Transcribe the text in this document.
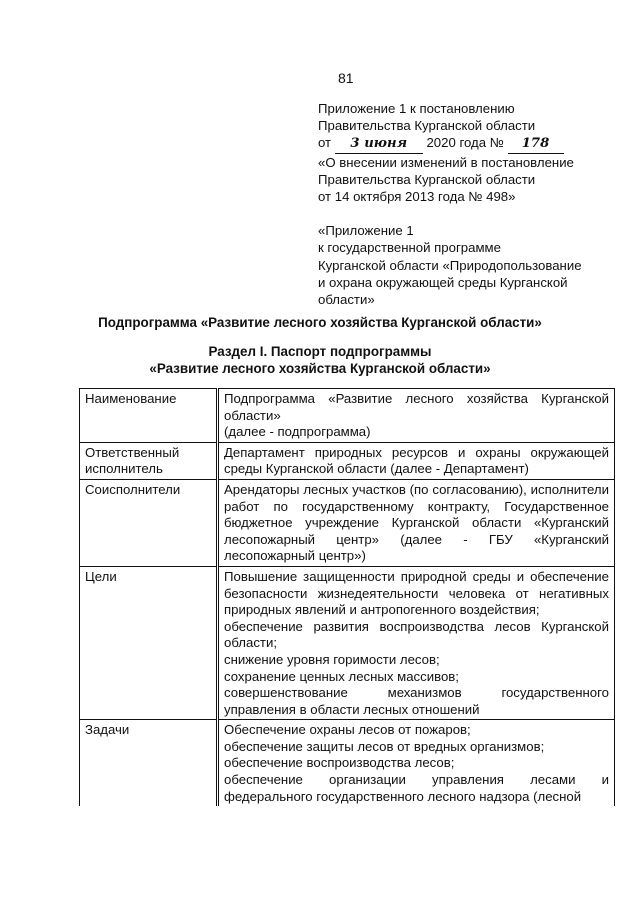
81
Приложение 1 к постановлению
Правительства Курганской области
от 3 июня 2020 года № 178
«О внесении изменений в постановление
Правительства Курганской области
от 14 октября 2013 года № 498»
«Приложение 1
к государственной программе
Курганской области «Природопользование
и охрана окружающей среды Курганской
области»
Подпрограмма «Развитие лесного хозяйства Курганской области»
Раздел I. Паспорт подпрограммы
«Развитие лесного хозяйства Курганской области»
Наименование	Подпрограмма «Развитие лесного хозяйства Курганской области»
(далее - подпрограмма)

Ответственный исполнитель	Департамент природных ресурсов и охраны окружающей среды Курганской области (далее - Департамент)

Соисполнители	Арендаторы лесных участков (по согласованию), исполнители работ по государственному контракту, Государственное бюджетное учреждение Курганской области «Курганский лесопожарный центр» (далее - ГБУ «Курганский лесопожарный центр»)

Цели	Повышение защищенности природной среды и обеспечение безопасности жизнедеятельности человека от негативных природных явлений и антропогенного воздействия;
обеспечение развития воспроизводства лесов Курганской области;
снижение уровня горимости лесов;
сохранение ценных лесных массивов;
совершенствование механизмов государственного управления в области лесных отношений

Задачи	Обеспечение охраны лесов от пожаров;
обеспечение защиты лесов от вредных организмов;
обеспечение воспроизводства лесов;
обеспечение организации управления лесами и федерального государственного лесного надзора (лесной
